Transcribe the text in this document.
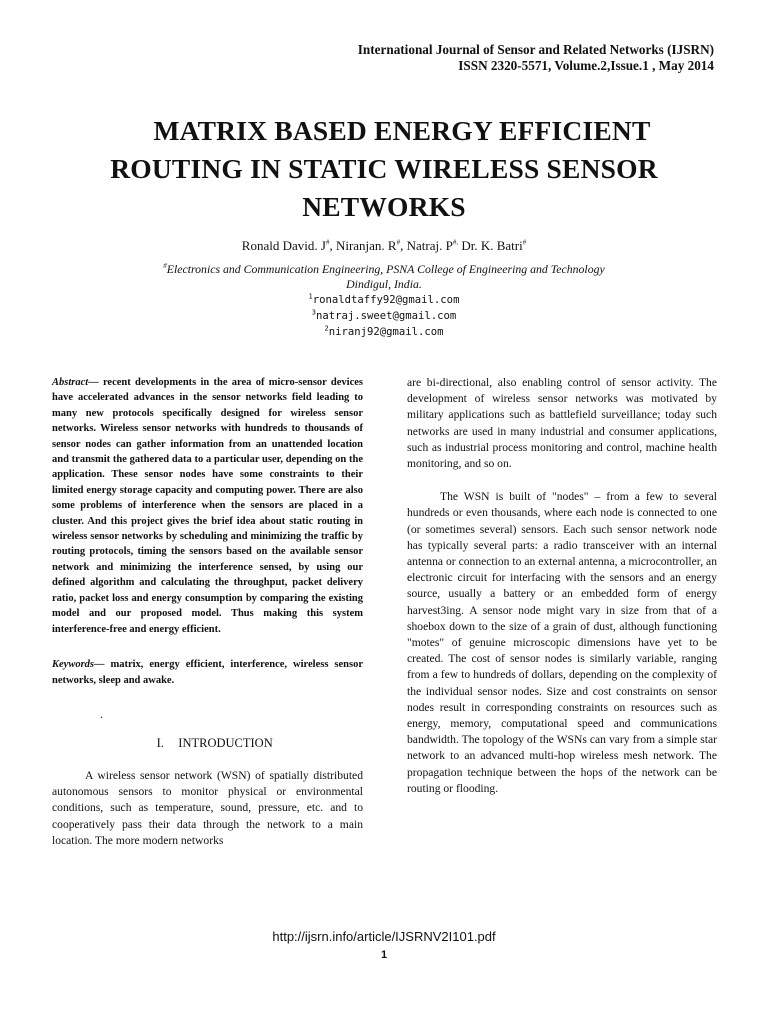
International Journal of Sensor and Related Networks (IJSRN)
ISSN 2320-5571, Volume.2,Issue.1 , May 2014
MATRIX BASED ENERGY EFFICIENT
ROUTING IN STATIC WIRELESS SENSOR
NETWORKS
Ronald David. J#, Niranjan. R#, Natraj. P#, Dr. K. Batri#
#Electronics and Communication Engineering, PSNA College of Engineering and Technology
Dindigul, India.
$^1$ronaldtaffy92@gmail.com
$^3$natraj.sweet@gmail.com
$^2$niranj92@gmail.com

Abstract— recent developments in the area of micro-sensor devices have accelerated advances in the sensor networks field leading to many new protocols specifically designed for wireless sensor networks. Wireless sensor networks with hundreds to thousands of sensor nodes can gather information from an unattended location and transmit the gathered data to a particular user, depending on the application. These sensor nodes have some constraints to their limited energy storage capacity and computing power. There are also some problems of interference when the sensors are placed in a cluster. And this project gives the brief idea about static routing in wireless sensor networks by scheduling and minimizing the traffic by routing protocols, timing the sensors based on the available sensor network and minimizing the interference sensed, by using our defined algorithm and calculating the throughput, packet delivery ratio, packet loss and energy consumption by comparing the existing model and our proposed model. Thus making this system interference-free and energy efficient.

Keywords— matrix, energy efficient, interference, wireless sensor networks, sleep and awake.

.
I. INTRODUCTION

A wireless sensor network (WSN) of spatially distributed autonomous sensors to monitor physical or environmental conditions, such as temperature, sound, pressure, etc. and to cooperatively pass their data through the network to a main location. The more modern networks

are bi-directional, also enabling control of sensor activity. The development of wireless sensor networks was motivated by military applications such as battlefield surveillance; today such networks are used in many industrial and consumer applications, such as industrial process monitoring and control, machine health monitoring, and so on.

The WSN is built of "nodes" – from a few to several hundreds or even thousands, where each node is connected to one (or sometimes several) sensors. Each such sensor network node has typically several parts: a radio transceiver with an internal antenna or connection to an external antenna, a microcontroller, an electronic circuit for interfacing with the sensors and an energy source, usually a battery or an embedded form of energy harvest3ing. A sensor node might vary in size from that of a shoebox down to the size of a grain of dust, although functioning "motes" of genuine microscopic dimensions have yet to be created. The cost of sensor nodes is similarly variable, ranging from a few to hundreds of dollars, depending on the complexity of the individual sensor nodes. Size and cost constraints on sensor nodes result in corresponding constraints on resources such as energy, memory, computational speed and communications bandwidth. The topology of the WSNs can vary from a simple star network to an advanced multi-hop wireless mesh network. The propagation technique between the hops of the network can be routing or flooding.

http://ijsrn.info/article/IJSRNV2I101.pdf
1
